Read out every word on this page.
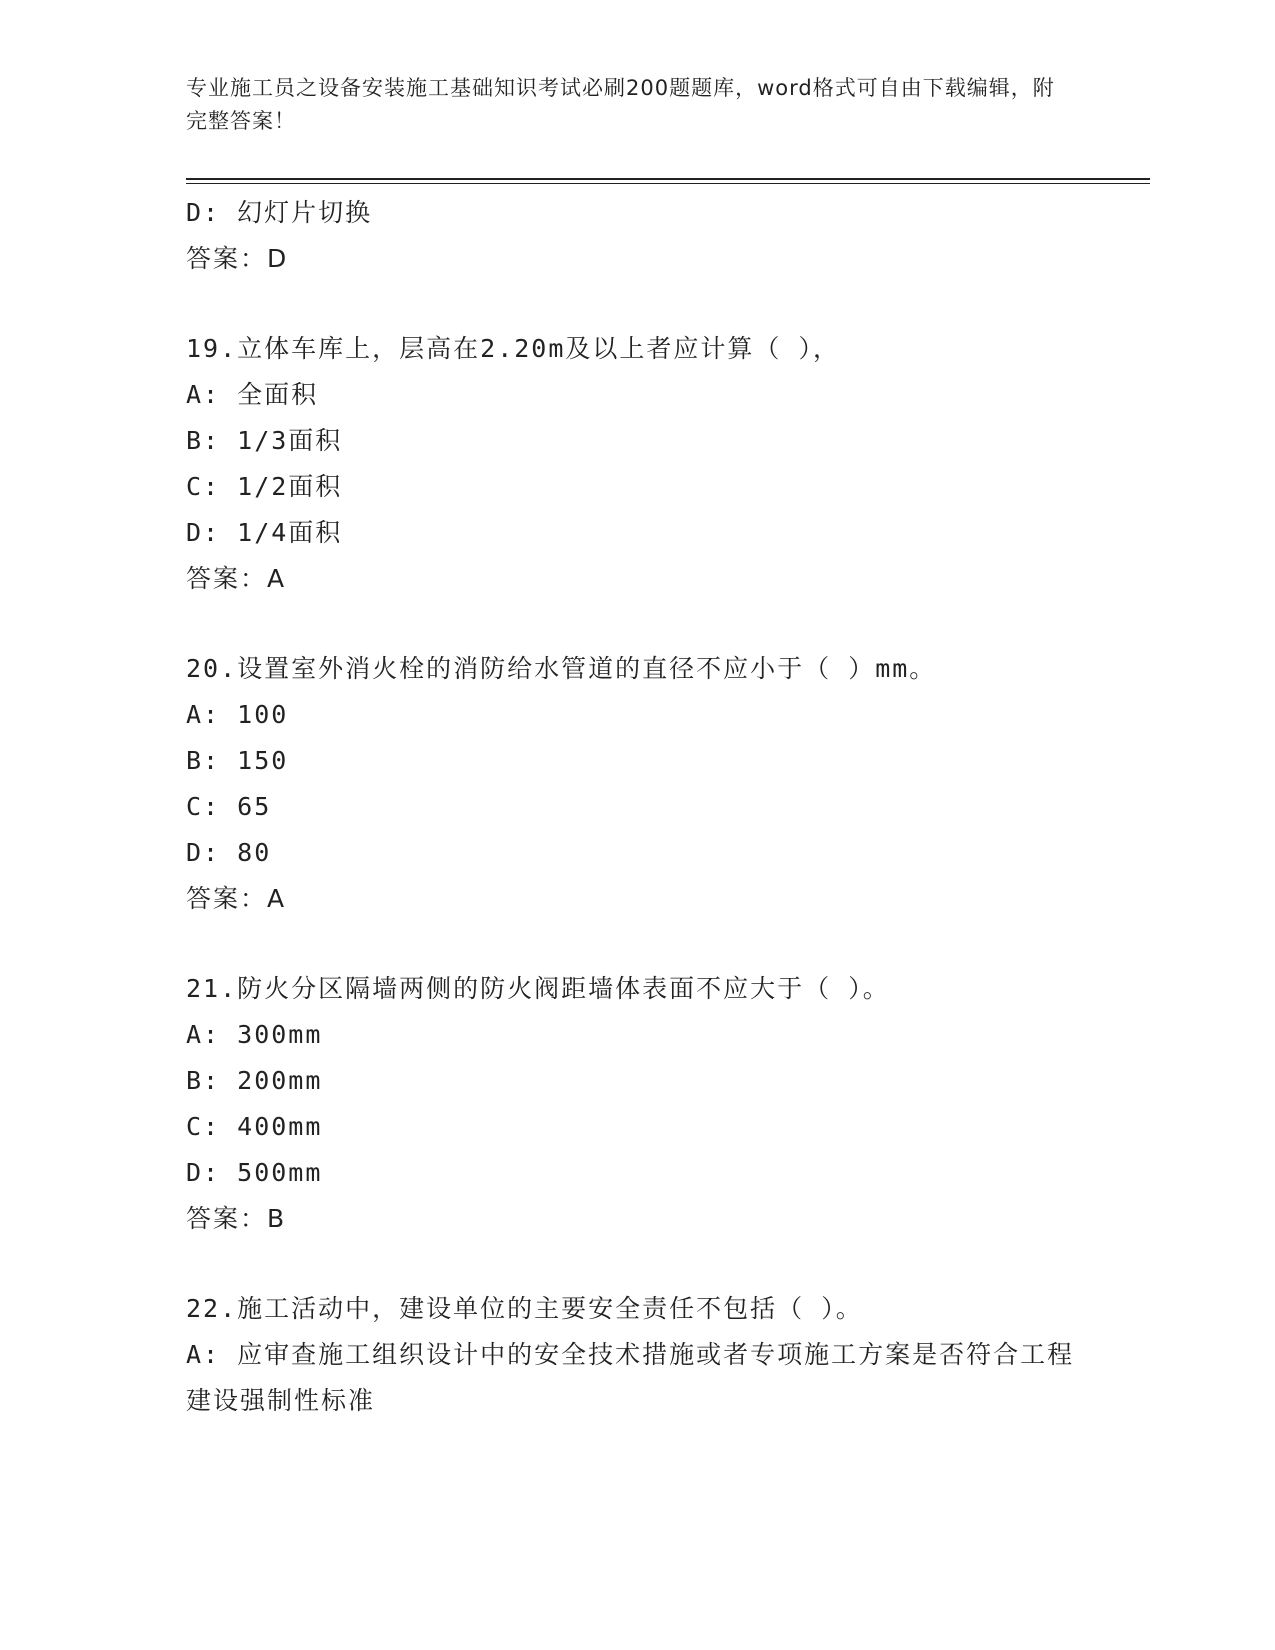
专业施工员之设备安装施工基础知识考试必刷200题题库，word格式可自由下载编辑，附完整答案！
D: 幻灯片切换
答案：D
19.立体车库上，层高在2.20m及以上者应计算（ ），
A: 全面积
B: 1/3面积
C: 1/2面积
D: 1/4面积
答案：A
20.设置室外消火栓的消防给水管道的直径不应小于（ ）mm。
A: 100
B: 150
C: 65
D: 80
答案：A
21.防火分区隔墙两侧的防火阀距墙体表面不应大于（ ）。
A: 300mm
B: 200mm
C: 400mm
D: 500mm
答案：B
22.施工活动中，建设单位的主要安全责任不包括（ ）。
A: 应审查施工组织设计中的安全技术措施或者专项施工方案是否符合工程建设强制性标准
